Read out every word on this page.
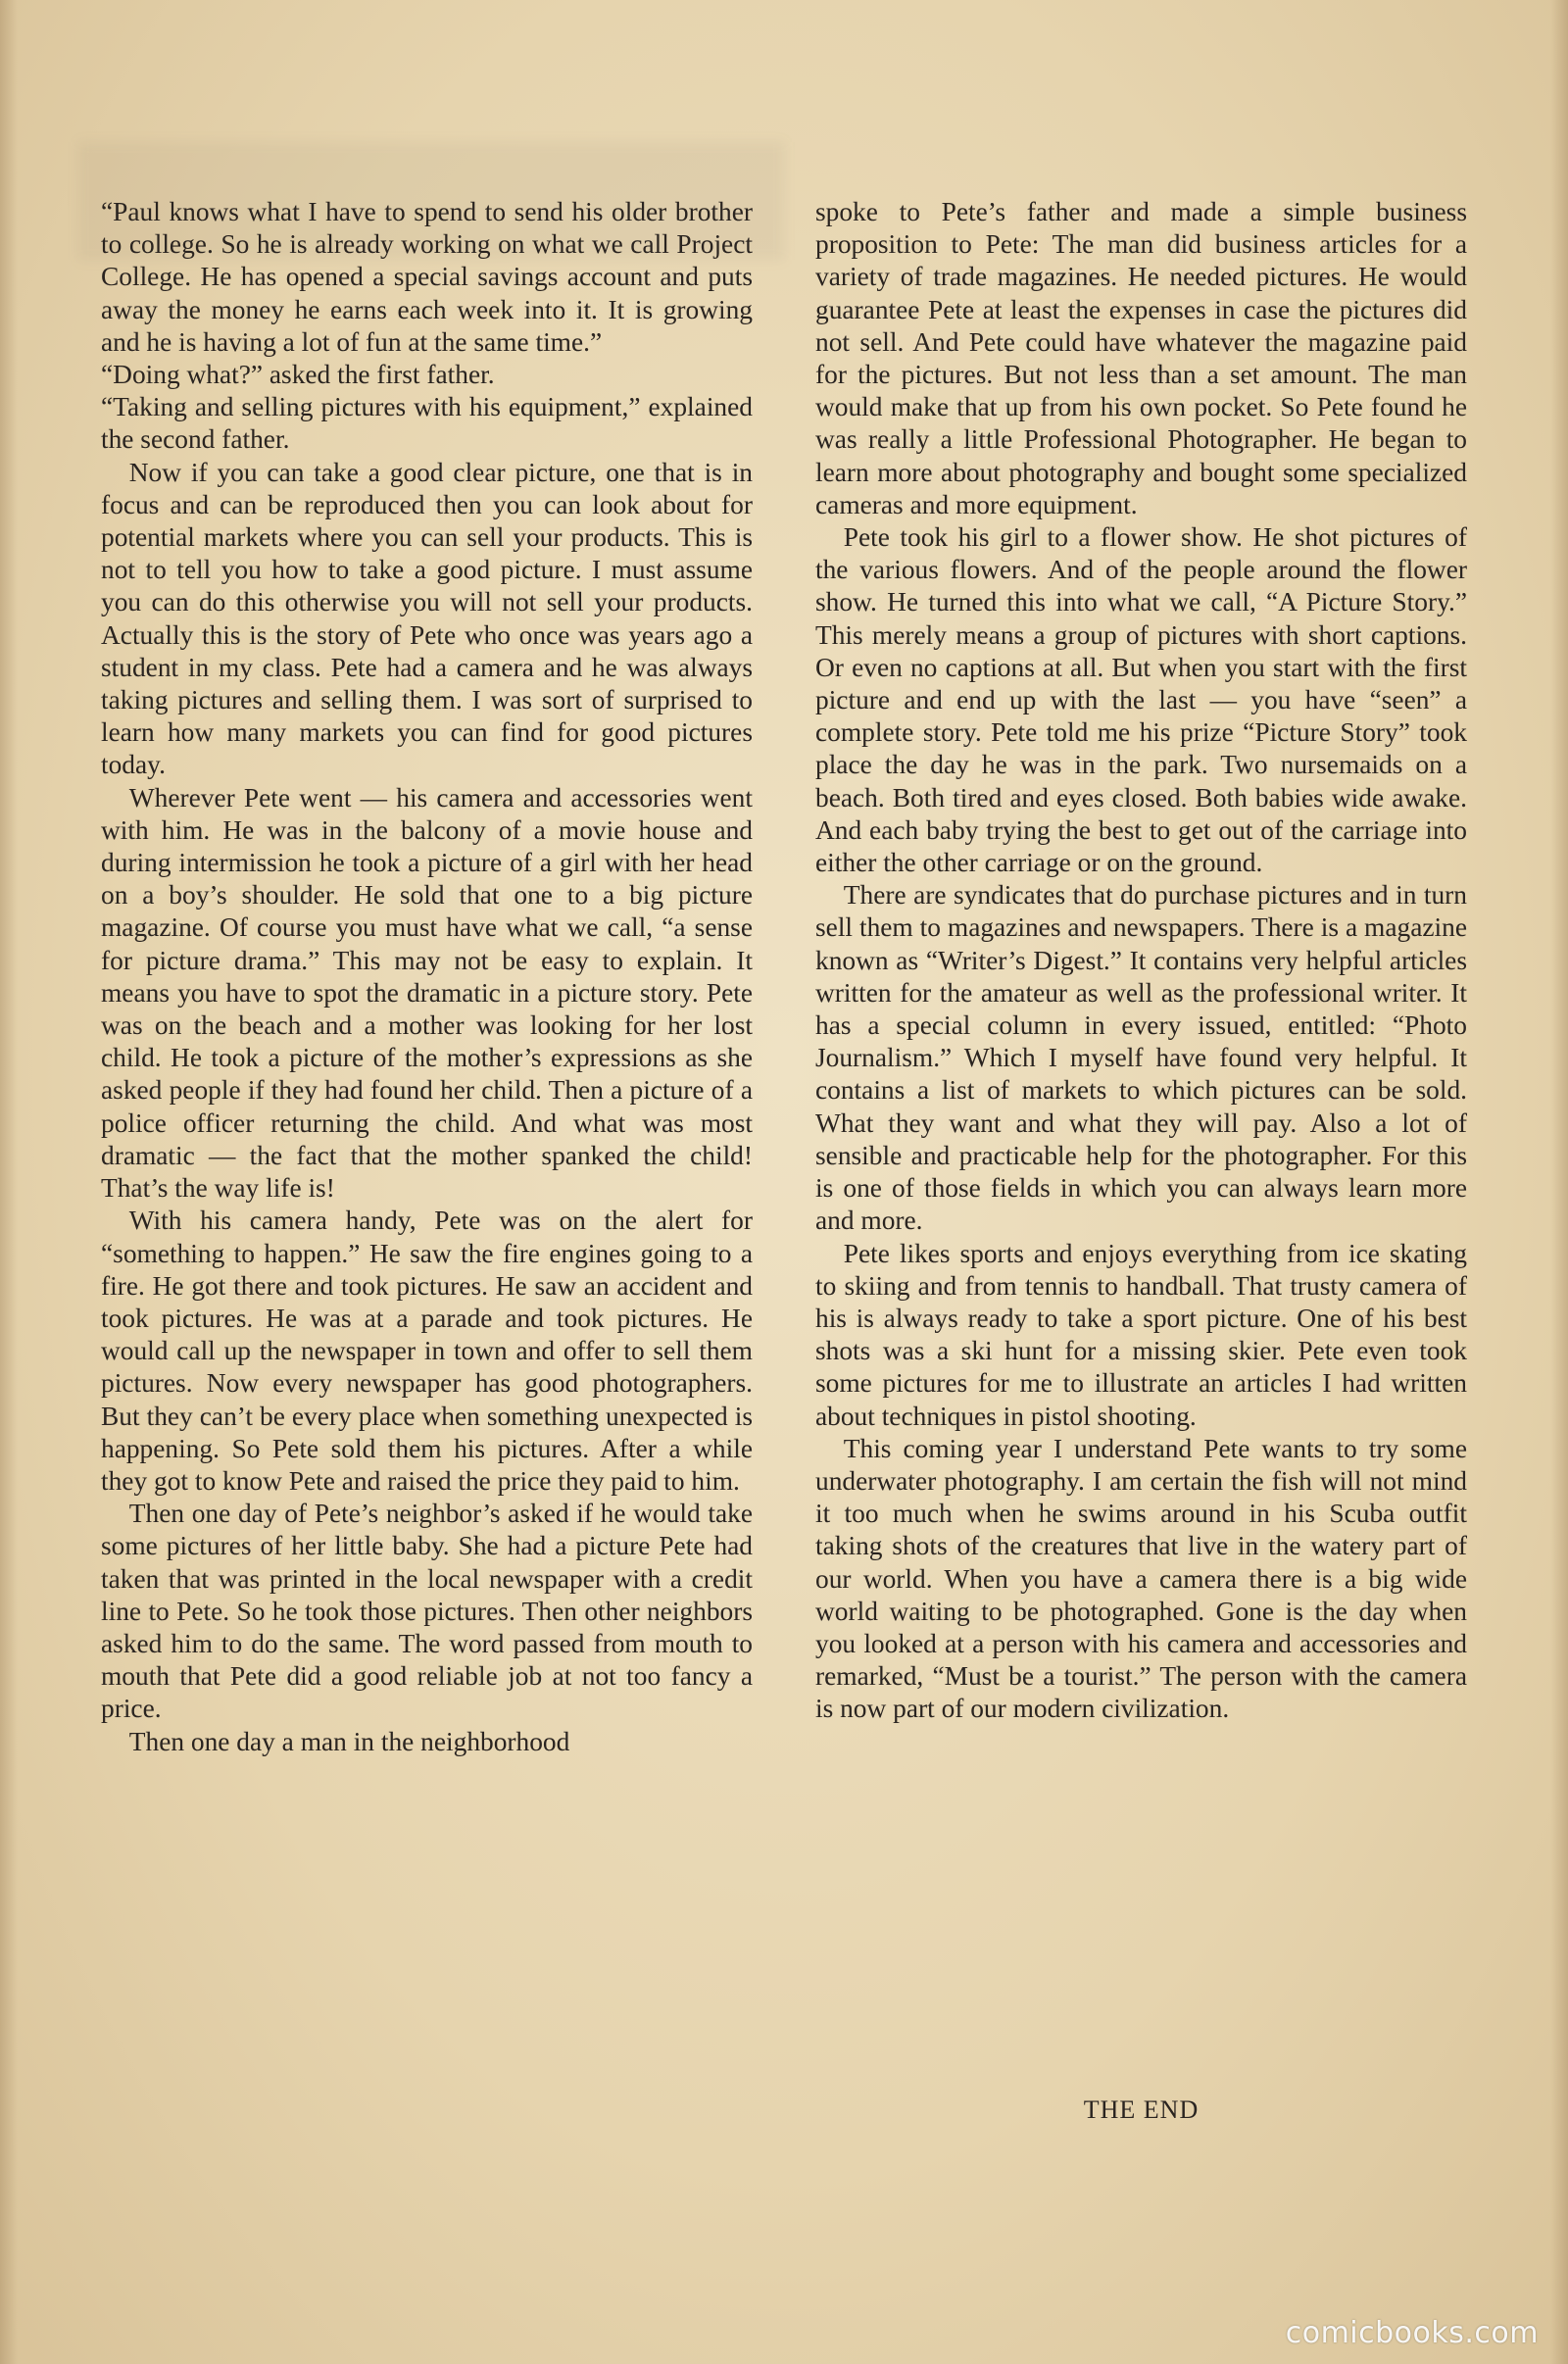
“Paul knows what I have to spend to send his older brother to college. So he is already working on what we call Project College. He has opened a special savings account and puts away the money he earns each week into it. It is growing and he is having a lot of fun at the same time.”

“Doing what?” asked the first father.

“Taking and selling pictures with his equipment,” explained the second father.

Now if you can take a good clear picture, one that is in focus and can be reproduced then you can look about for potential markets where you can sell your products. This is not to tell you how to take a good picture. I must assume you can do this otherwise you will not sell your products. Actually this is the story of Pete who once was years ago a student in my class. Pete had a camera and he was always taking pictures and selling them. I was sort of surprised to learn how many markets you can find for good pictures today.

Wherever Pete went — his camera and accessories went with him. He was in the balcony of a movie house and during intermission he took a picture of a girl with her head on a boy’s shoulder. He sold that one to a big picture magazine. Of course you must have what we call, “a sense for picture drama.” This may not be easy to explain. It means you have to spot the dramatic in a picture story. Pete was on the beach and a mother was looking for her lost child. He took a picture of the mother’s expressions as she asked people if they had found her child. Then a picture of a police officer returning the child. And what was most dramatic — the fact that the mother spanked the child! That’s the way life is!

With his camera handy, Pete was on the alert for “something to happen.” He saw the fire engines going to a fire. He got there and took pictures. He saw an accident and took pictures. He was at a parade and took pictures. He would call up the newspaper in town and offer to sell them pictures. Now every newspaper has good photographers. But they can’t be every place when something unexpected is happening. So Pete sold them his pictures. After a while they got to know Pete and raised the price they paid to him.

Then one day of Pete’s neighbor’s asked if he would take some pictures of her little baby. She had a picture Pete had taken that was printed in the local newspaper with a credit line to Pete. So he took those pictures. Then other neighbors asked him to do the same. The word passed from mouth to mouth that Pete did a good reliable job at not too fancy a price.

Then one day a man in the neighborhood

spoke to Pete’s father and made a simple business proposition to Pete: The man did business articles for a variety of trade magazines. He needed pictures. He would guarantee Pete at least the expenses in case the pictures did not sell. And Pete could have whatever the magazine paid for the pictures. But not less than a set amount. The man would make that up from his own pocket. So Pete found he was really a little Professional Photographer. He began to learn more about photography and bought some specialized cameras and more equipment.

Pete took his girl to a flower show. He shot pictures of the various flowers. And of the people around the flower show. He turned this into what we call, “A Picture Story.” This merely means a group of pictures with short captions. Or even no captions at all. But when you start with the first picture and end up with the last — you have “seen” a complete story. Pete told me his prize “Picture Story” took place the day he was in the park. Two nursemaids on a beach. Both tired and eyes closed. Both babies wide awake. And each baby trying the best to get out of the carriage into either the other carriage or on the ground.

There are syndicates that do purchase pictures and in turn sell them to magazines and newspapers. There is a magazine known as “Writer’s Digest.” It contains very helpful articles written for the amateur as well as the professional writer. It has a special column in every issued, entitled: “Photo Journalism.” Which I myself have found very helpful. It contains a list of markets to which pictures can be sold. What they want and what they will pay. Also a lot of sensible and practicable help for the photographer. For this is one of those fields in which you can always learn more and more.

Pete likes sports and enjoys everything from ice skating to skiing and from tennis to handball. That trusty camera of his is always ready to take a sport picture. One of his best shots was a ski hunt for a missing skier. Pete even took some pictures for me to illustrate an articles I had written about techniques in pistol shooting.

This coming year I understand Pete wants to try some underwater photography. I am certain the fish will not mind it too much when he swims around in his Scuba outfit taking shots of the creatures that live in the watery part of our world. When you have a camera there is a big wide world waiting to be photographed. Gone is the day when you looked at a person with his camera and accessories and remarked, “Must be a tourist.” The person with the camera is now part of our modern civilization.

THE END
comicbooks.com
